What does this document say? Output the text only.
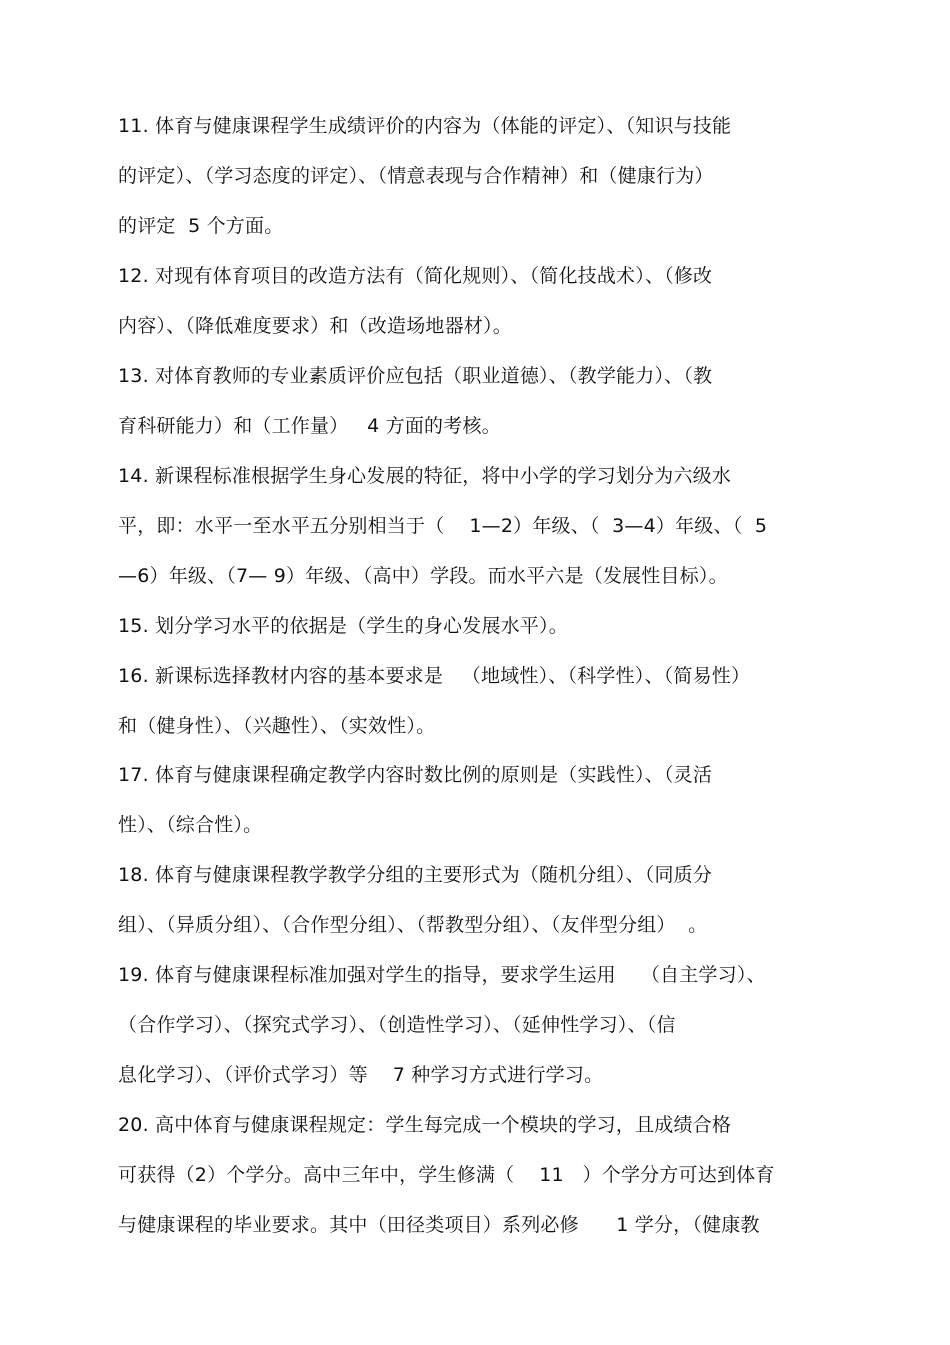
11. 体育与健康课程学生成绩评价的内容为（体能的评定）、（知识与技能
的评定）、（学习态度的评定）、（情意表现与合作精神）和（健康行为）
的评定  5 个方面。
12. 对现有体育项目的改造方法有（简化规则）、（简化技战术）、（修改
内容）、（降低难度要求）和（改造场地器材）。
13. 对体育教师的专业素质评价应包括（职业道德）、（教学能力）、（教
育科研能力）和（工作量）   4 方面的考核。
14. 新课程标准根据学生身心发展的特征，将中小学的学习划分为六级水
平，即：水平一至水平五分别相当于（    1—2）年级、（  3—4）年级、（  5
—6）年级、（7— 9）年级、（高中）学段。而水平六是（发展性目标）。
15. 划分学习水平的依据是（学生的身心发展水平）。
16. 新课标选择教材内容的基本要求是   （地域性）、（科学性）、（简易性）
和（健身性）、（兴趣性）、（实效性）。
17. 体育与健康课程确定教学内容时数比例的原则是（实践性）、（灵活
性）、（综合性）。
18. 体育与健康课程教学教学分组的主要形式为（随机分组）、（同质分
组）、（异质分组）、（合作型分组）、（帮教型分组）、（友伴型分组）  。
19. 体育与健康课程标准加强对学生的指导，要求学生运用    （自主学习）、
（合作学习）、（探究式学习）、（创造性学习）、（延伸性学习）、（信
息化学习）、（评价式学习）等    7 种学习方式进行学习。
20. 高中体育与健康课程规定：学生每完成一个模块的学习，且成绩合格
可获得（2）个学分。高中三年中，学生修满（    11   ）个学分方可达到体育
与健康课程的毕业要求。其中（田径类项目）系列必修      1 学分，（健康教
